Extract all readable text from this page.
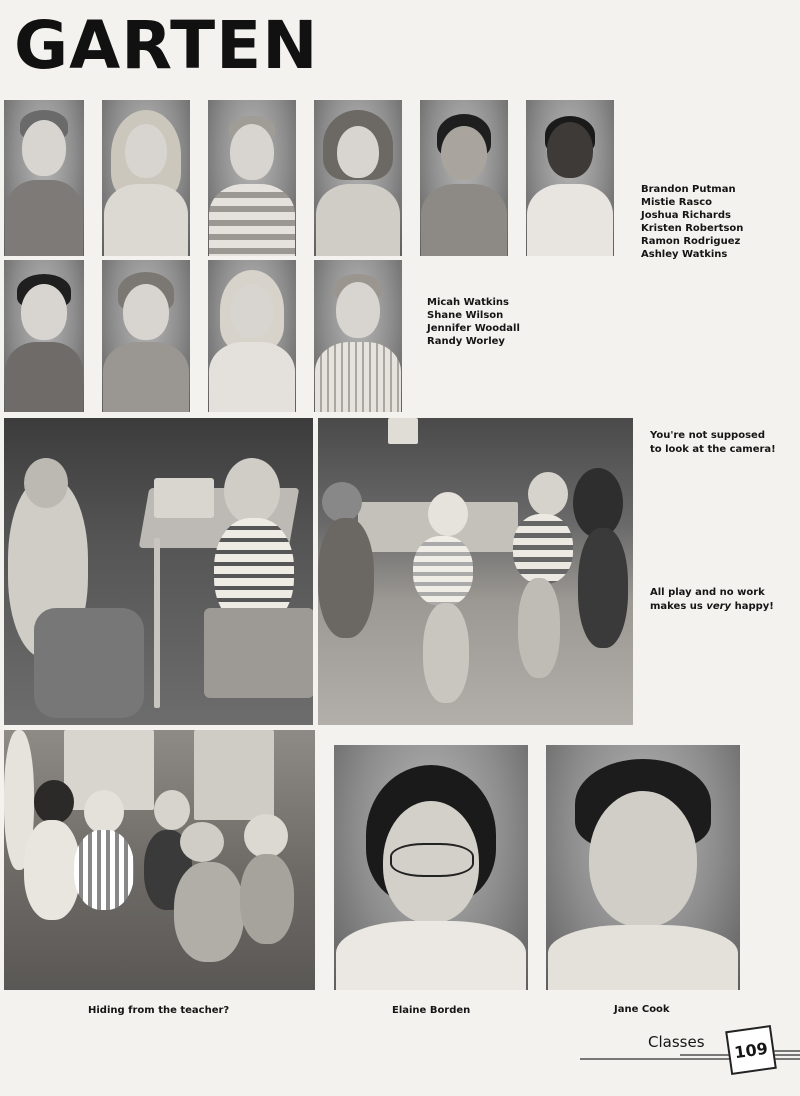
GARTEN
Brandon Putman
Mistie Rasco
Joshua Richards
Kristen Robertson
Ramon Rodriguez
Ashley Watkins
Micah Watkins
Shane Wilson
Jennifer Woodall
Randy Worley
You're not supposed
to look at the camera!
All play and no work
makes us very happy!
Hiding from the teacher?	Elaine Borden	Jane Cook
Classes	109
